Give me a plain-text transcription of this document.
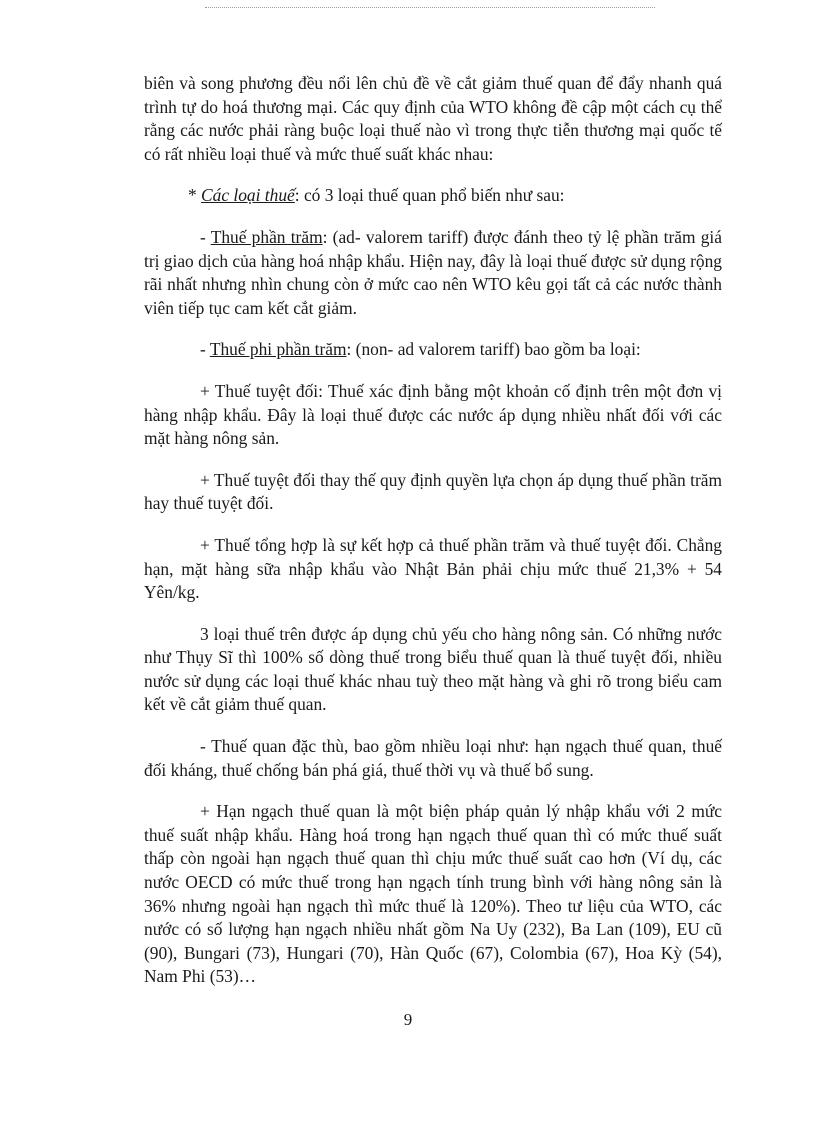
biên và song phương đều nổi lên chủ đề về cắt giảm thuế quan để đẩy nhanh quá trình tự do hoá thương mại. Các quy định của WTO không đề cập một cách cụ thể rằng các nước phải ràng buộc loại thuế nào vì trong thực tiễn thương mại quốc tế có rất nhiều loại thuế và mức thuế suất khác nhau:

* Các loại thuế: có 3 loại thuế quan phổ biến như sau:

- Thuế phần trăm: (ad- valorem tariff) được đánh theo tỷ lệ phần trăm giá trị giao dịch của hàng hoá nhập khẩu. Hiện nay, đây là loại thuế được sử dụng rộng rãi nhất nhưng nhìn chung còn ở mức cao nên WTO kêu gọi tất cả các nước thành viên tiếp tục cam kết cắt giảm.

- Thuế phi phần trăm: (non- ad valorem tariff) bao gồm ba loại:

+ Thuế tuyệt đối: Thuế xác định bằng một khoản cố định trên một đơn vị hàng nhập khẩu. Đây là loại thuế được các nước áp dụng nhiều nhất đối với các mặt hàng nông sản.

+ Thuế tuyệt đối thay thế quy định quyền lựa chọn áp dụng thuế phần trăm hay thuế tuyệt đối.

+ Thuế tổng hợp là sự kết hợp cả thuế phần trăm và thuế tuyệt đối. Chẳng hạn, mặt hàng sữa nhập khẩu vào Nhật Bản phải chịu mức thuế 21,3% + 54 Yên/kg.

3 loại thuế trên được áp dụng chủ yếu cho hàng nông sản. Có những nước như Thụy Sĩ thì 100% số dòng thuế trong biểu thuế quan là thuế tuyệt đối, nhiều nước sử dụng các loại thuế khác nhau tuỳ theo mặt hàng và ghi rõ trong biểu cam kết về cắt giảm thuế quan.

- Thuế quan đặc thù, bao gồm nhiều loại như: hạn ngạch thuế quan, thuế đối kháng, thuế chống bán phá giá, thuế thời vụ và thuế bổ sung.

+ Hạn ngạch thuế quan là một biện pháp quản lý nhập khẩu với 2 mức thuế suất nhập khẩu. Hàng hoá trong hạn ngạch thuế quan thì có mức thuế suất thấp còn ngoài hạn ngạch thuế quan thì chịu mức thuế suất cao hơn (Ví dụ, các nước OECD có mức thuế trong hạn ngạch tính trung bình với hàng nông sản là 36% nhưng ngoài hạn ngạch thì mức thuế là 120%). Theo tư liệu của WTO, các nước có số lượng hạn ngạch nhiều nhất gồm Na Uy (232), Ba Lan (109), EU cũ (90), Bungari (73), Hungari (70), Hàn Quốc (67), Colombia (67), Hoa Kỳ (54), Nam Phi (53)…

9
